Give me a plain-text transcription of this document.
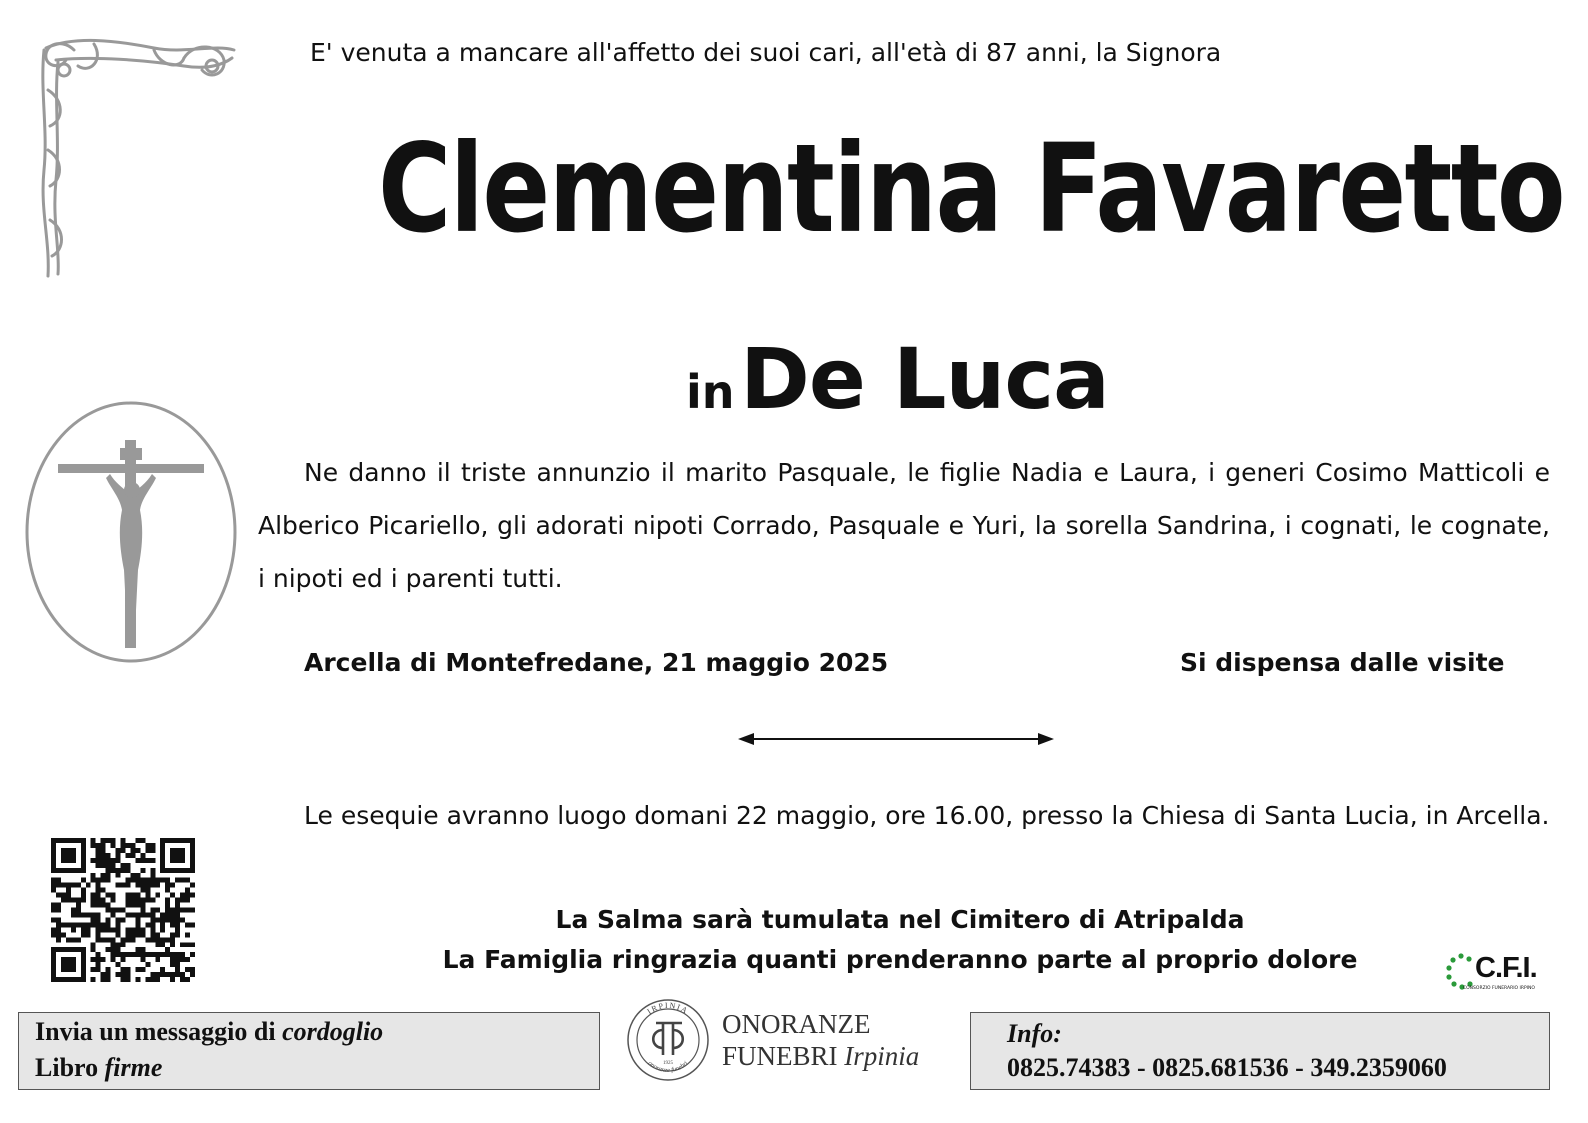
E' venuta a mancare all'affetto dei suoi cari, all'età di 87 anni, la Signora
Clementina Favaretto
in De Luca
Ne danno il triste annunzio il marito Pasquale, le figlie Nadia e Laura, i generi Cosimo Matticoli e Alberico Picariello, gli adorati nipoti Corrado, Pasquale e Yuri, la sorella Sandrina, i cognati, le cognate, i nipoti ed i parenti tutti.
Arcella di Montefredane, 21 maggio 2025	Si dispensa dalle visite
Le esequie avranno luogo domani 22 maggio, ore 16.00, presso la Chiesa di Santa Lucia, in Arcella.
La Salma sarà tumulata nel Cimitero di Atripalda
La Famiglia ringrazia quanti prenderanno parte al proprio dolore	C.F.I.
CONSORZIO FUNERARIO IRPINO
Invia un messaggio di cordoglio
Libro firme
IRPINIA
onoranze funebri
1925
ONORANZE
FUNEBRI Irpinia
Info:
0825.74383 - 0825.681536 - 349.2359060
